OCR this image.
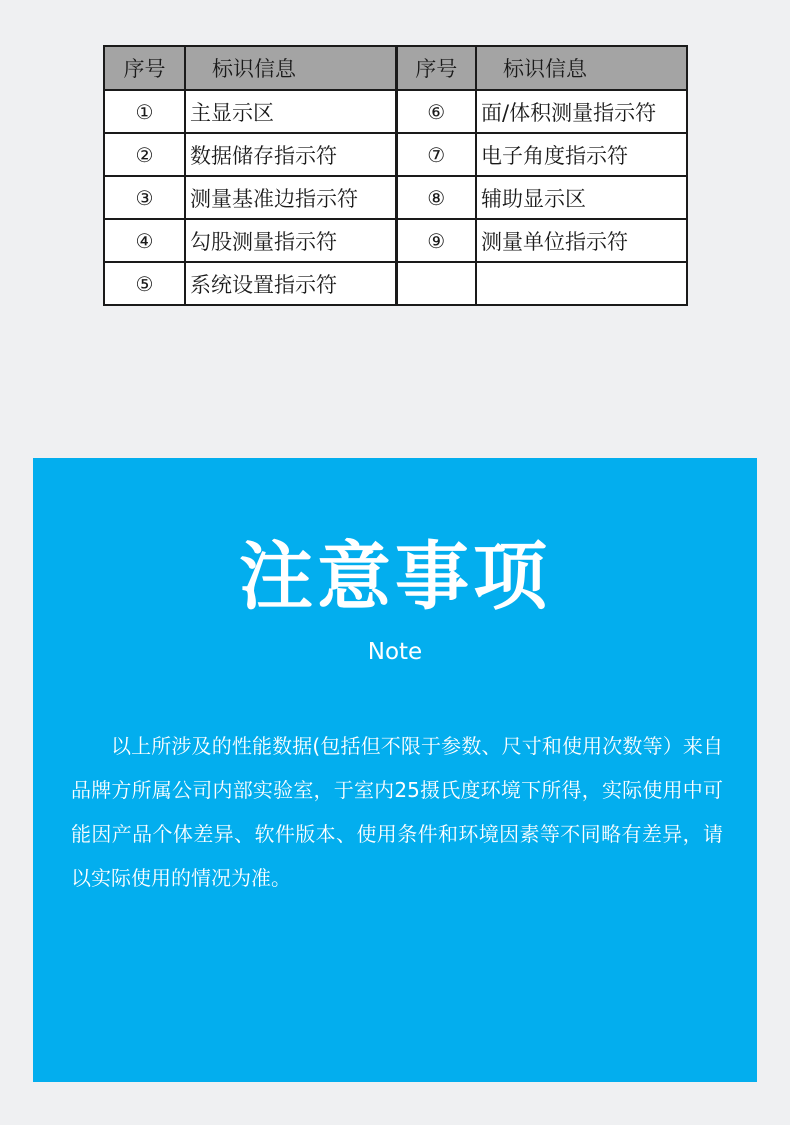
序号	标识信息	序号	标识信息
①	主显示区	⑥	面/体积测量指示符
②	数据储存指示符	⑦	电子角度指示符
③	测量基准边指示符	⑧	辅助显示区
④	勾股测量指示符	⑨	测量单位指示符
⑤	系统设置指示符		
注意事项
Note

以上所涉及的性能数据(包括但不限于参数、尺寸和使用次数等）来自品牌方所属公司内部实验室，于室内25摄氏度环境下所得，实际使用中可能因产品个体差异、软件版本、使用条件和环境因素等不同略有差异，请以实际使用的情况为准。
